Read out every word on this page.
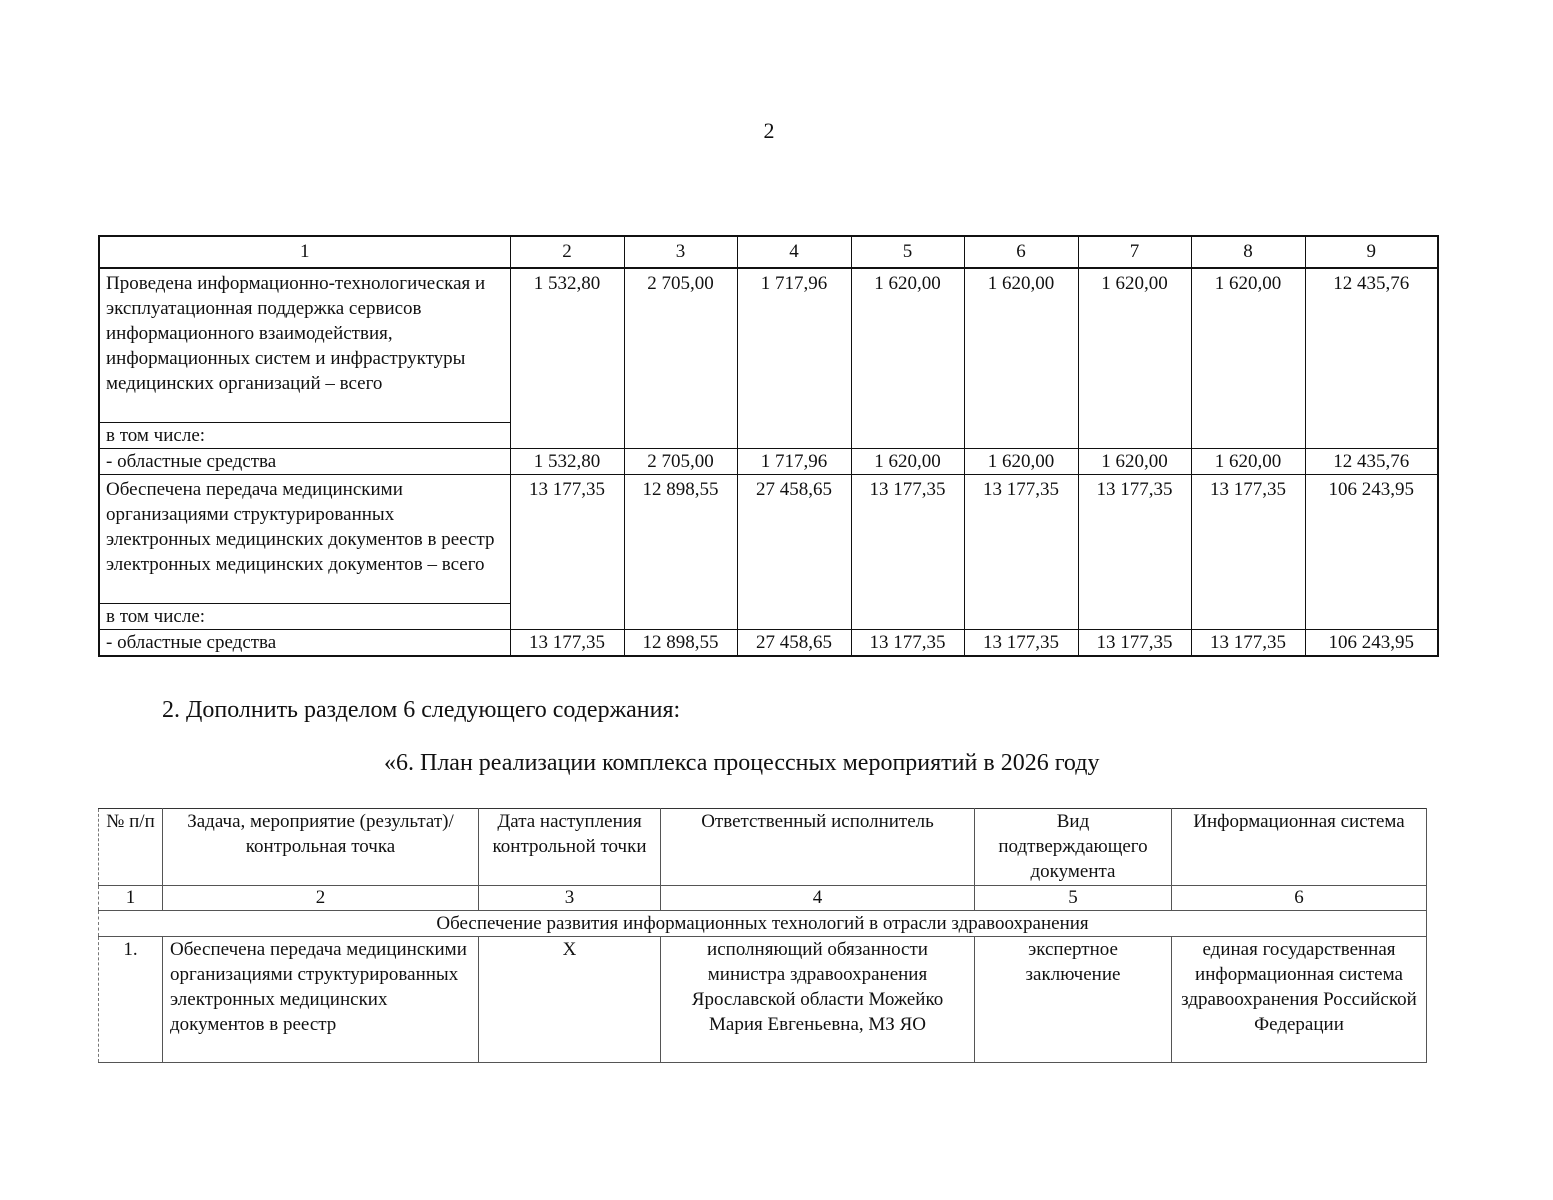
2
1	2	3	4	5	6	7	8	9
Проведена информационно-технологическая и эксплуатационная поддержка сервисов информационного взаимодействия, информационных систем и инфраструктуры медицинских организаций – всего	1 532,80	2 705,00	1 717,96	1 620,00	1 620,00	1 620,00	1 620,00	12 435,76
в том числе:								
- областные средства	1 532,80	2 705,00	1 717,96	1 620,00	1 620,00	1 620,00	1 620,00	12 435,76
Обеспечена передача медицинскими организациями структурированных электронных медицинских документов в реестр электронных медицинских документов – всего	13 177,35	12 898,55	27 458,65	13 177,35	13 177,35	13 177,35	13 177,35	106 243,95
в том числе:								
- областные средства	13 177,35	12 898,55	27 458,65	13 177,35	13 177,35	13 177,35	13 177,35	106 243,95
2. Дополнить разделом 6 следующего содержания:
«6. План реализации комплекса процессных мероприятий в 2026 году
№ п/п	Задача, мероприятие (результат)/ контрольная точка	Дата наступления контрольной точки	Ответственный исполнитель	Вид подтверждающего документа	Информационная система
1	2	3	4	5	6
Обеспечение развития информационных технологий в отрасли здравоохранения					
1.	Обеспечена передача медицинскими организациями структурированных электронных медицинских документов в реестр	Х	исполняющий обязанности министра здравоохранения Ярославской области Можейко Мария Евгеньевна, МЗ ЯО	экспертное заключение	единая государственная информационная система здравоохранения Российской Федерации
